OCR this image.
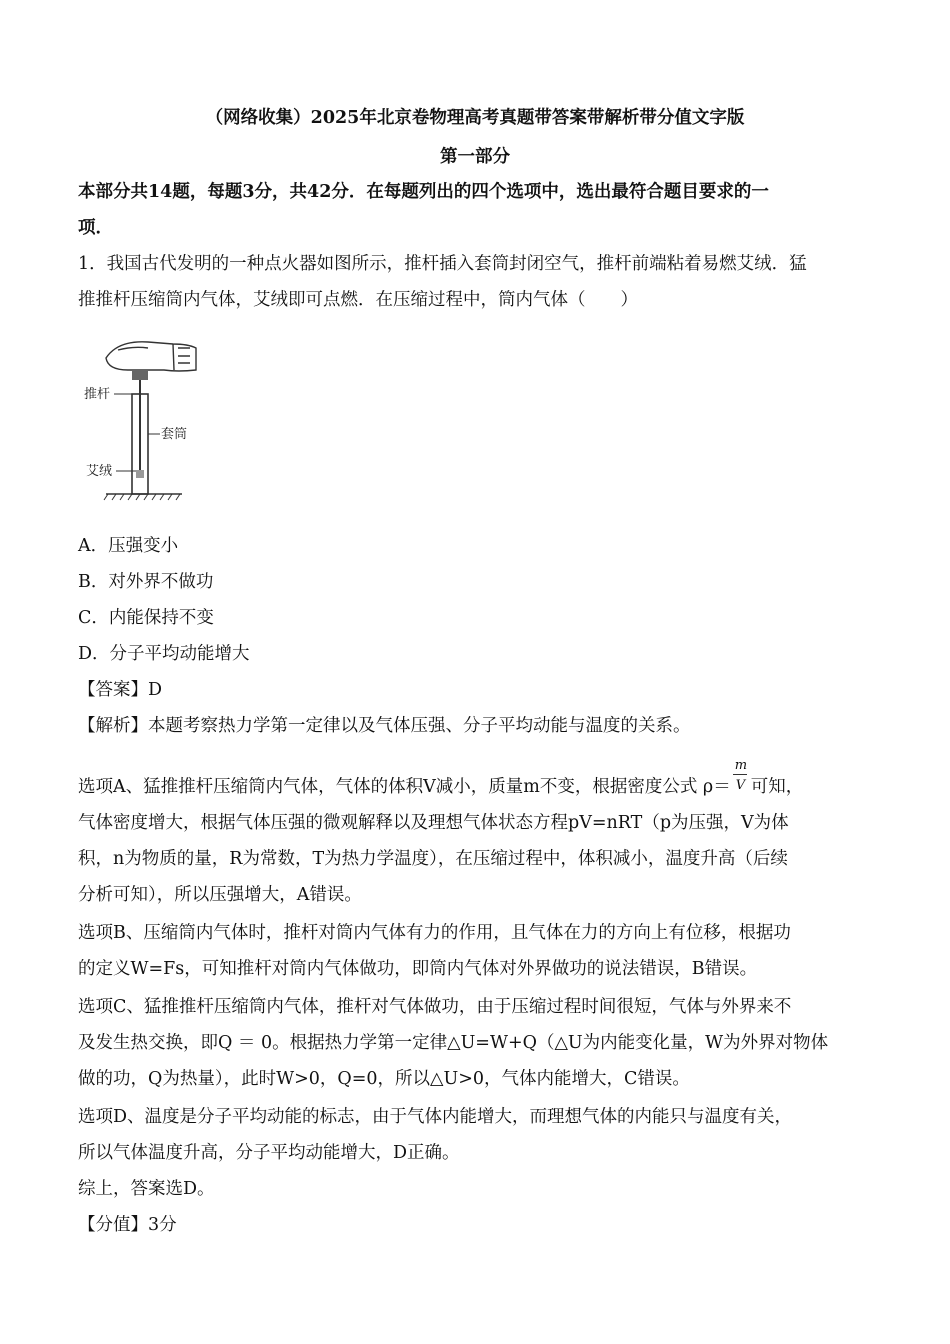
（网络收集）2025年北京卷物理高考真题带答案带解析带分值文字版
第一部分
本部分共14题，每题3分，共42分．在每题列出的四个选项中，选出最符合题目要求的一
项．
1．我国古代发明的一种点火器如图所示，推杆插入套筒封闭空气，推杆前端粘着易燃艾绒．猛
推推杆压缩筒内气体，艾绒即可点燃．在压缩过程中，筒内气体（　　）
推杆
套筒
艾绒
A．压强变小
B．对外界不做功
C．内能保持不变
D．分子平均动能增大
【答案】D
【解析】本题考察热力学第一定律以及气体压强、分子平均动能与温度的关系。
选项A、猛推推杆压缩筒内气体，气体的体积V减小，质量m不变，根据密度公式 $\rho= \frac{m}{V}$ 可知，
气体密度增大，根据气体压强的微观解释以及理想气体状态方程pV=nRT（p为压强，V为体
积，n为物质的量，R为常数，T为热力学温度），在压缩过程中，体积减小，温度升高（后续
分析可知），所以压强增大，A错误。
选项B、压缩筒内气体时，推杆对筒内气体有力的作用，且气体在力的方向上有位移，根据功
的定义W=Fs，可知推杆对筒内气体做功，即筒内气体对外界做功的说法错误，B错误。
选项C、猛推推杆压缩筒内气体，推杆对气体做功，由于压缩过程时间很短，气体与外界来不
及发生热交换，即Q ＝ 0。根据热力学第一定律△U=W+Q（△U为内能变化量，W为外界对物体
做的功，Q为热量），此时W>0，Q=0，所以△U>0，气体内能增大，C错误。
选项D、温度是分子平均动能的标志，由于气体内能增大，而理想气体的内能只与温度有关，
所以气体温度升高，分子平均动能增大，D正确。
综上，答案选D。
【分值】3分
